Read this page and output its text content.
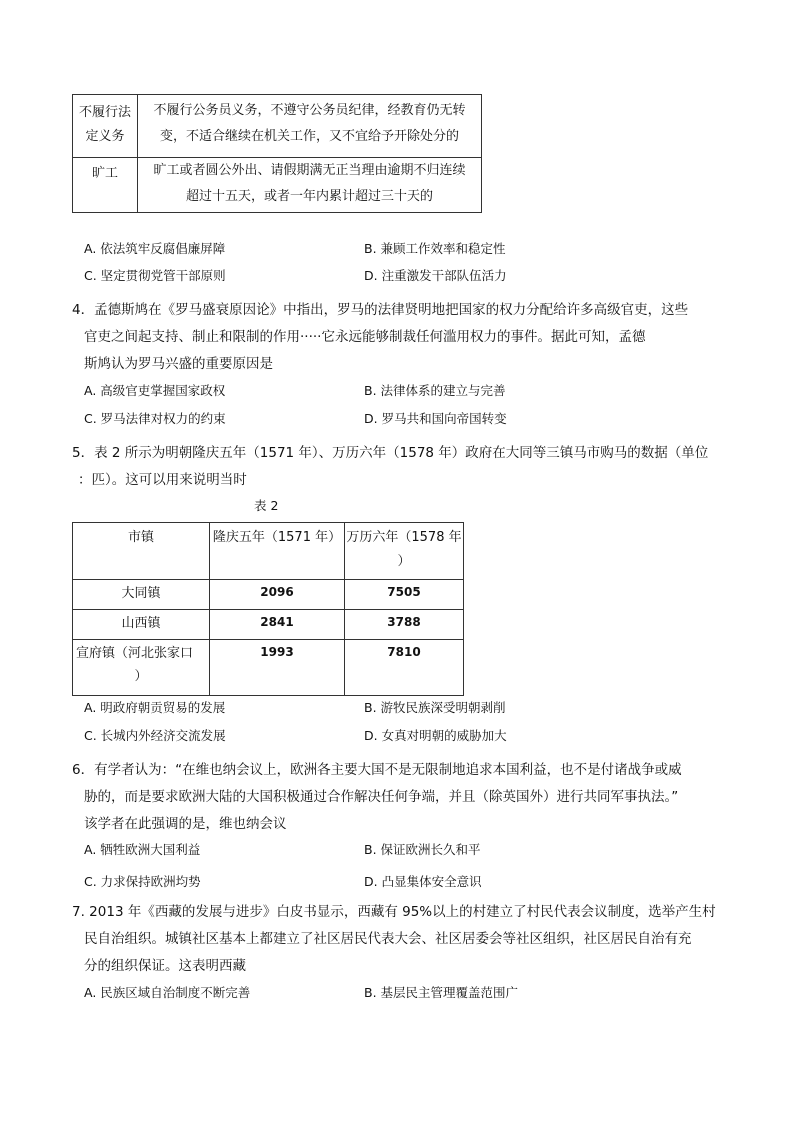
不履行法
定义务	不履行公务员义务，不遵守公务员纪律，经教育仍无转
变，不适合继续在机关工作，又不宜给予开除处分的

旷工	旷工或者圆公外出、请假期满无正当理由逾期不归连续
超过十五天，或者一年内累计超过三十天的
A. 依法筑牢反腐倡廉屏障	B. 兼顾工作效率和稳定性
C. 坚定贯彻党管干部原则	D. 注重激发干部队伍活力
4．孟德斯鸠在《罗马盛衰原因论》中指出，罗马的法律贤明地把国家的权力分配给许多高级官吏，这些
官吏之间起支持、制止和限制的作用·····它永远能够制裁任何滥用权力的事件。据此可知，孟德
斯鸠认为罗马兴盛的重要原因是
A. 高级官吏掌握国家政权	B. 法律体系的建立与完善
C. 罗马法律对权力的约束	D. 罗马共和国向帝国转变
5．表 2 所示为明朝隆庆五年（1571 年）、万历六年（1578 年）政府在大同等三镇马市购马的数据（单位
：匹）。这可以用来说明当时
表 2
市镇	隆庆五年（1571 年）	万历六年（1578 年
）

大同镇	2096	7505

山西镇	2841	3788

宣府镇（河北张家口
）	1993	7810
A. 明政府朝贡贸易的发展	B. 游牧民族深受明朝剥削
C. 长城内外经济交流发展	D. 女真对明朝的威胁加大
6．有学者认为：“在维也纳会议上，欧洲各主要大国不是无限制地追求本国利益，也不是付诸战争或威
胁的，而是要求欧洲大陆的大国积极通过合作解决任何争端，并且（除英国外）进行共同军事执法。”
该学者在此强调的是，维也纳会议
A. 牺牲欧洲大国利益	B. 保证欧洲长久和平
C. 力求保持欧洲均势	D. 凸显集体安全意识
7. 2013 年《西藏的发展与进步》白皮书显示，西藏有 95%以上的村建立了村民代表会议制度，选举产生村
民自治组织。城镇社区基本上都建立了社区居民代表大会、社区居委会等社区组织，社区居民自治有充
分的组织保证。这表明西藏
A. 民族区域自治制度不断完善	B. 基层民主管理覆盖范围广
